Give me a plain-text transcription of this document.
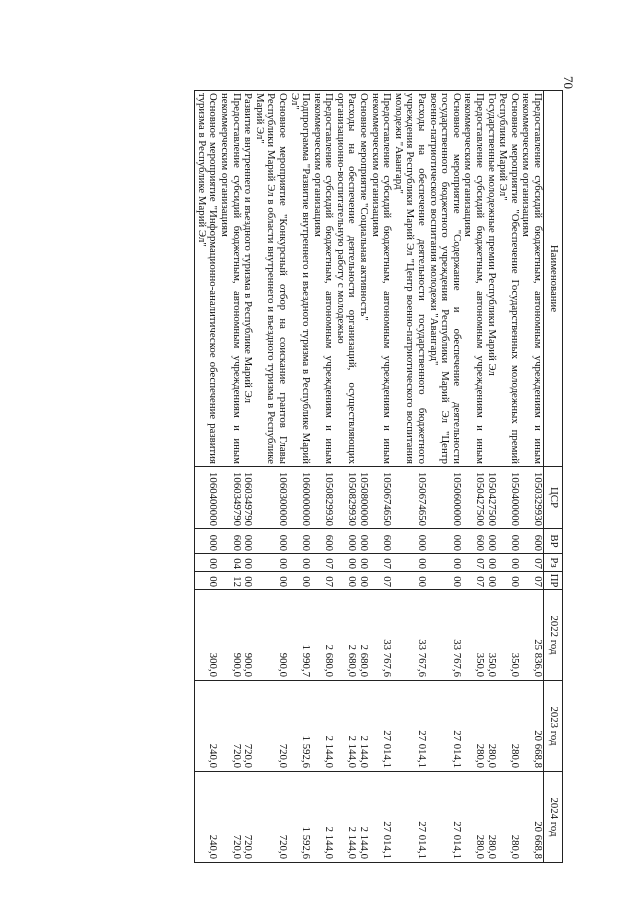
70
Наименование	ЦСР	ВР	Рз	ПР	2022 год	2023 год	2024 год
Предоставление субсидий бюджетным, автономным учреждениям и иным некоммерческим организациям	1050329930	600	07	07	25 836,0	20 668,8	20 668,8
Основное мероприятие "Обеспечение Государственных молодежных премий Республики Марий Эл"	1050400000	000	00	00	350,0	280,0	280,0
Государственные молодежные премии Республики Марий Эл	1050427500	000	00	00	350,0	280,0	280,0
Предоставление субсидий бюджетным, автономным учреждениям и иным некоммерческим организациям	1050427500	600	07	07	350,0	280,0	280,0
Основное мероприятие "Содержание и обеспечение деятельности государственного бюджетного учреждения Республики Марий Эл "Центр военно-патриотического воспитания молодежи "Авангард"	1050600000	000	00	00	33 767,6	27 014,1	27 014,1
Расходы на обеспечение деятельности государственного бюджетного учреждения Республики Марий Эл "Центр военно-патриотического воспитания молодежи "Авангард"	1050674650	000	00	00	33 767,6	27 014,1	27 014,1
Предоставление субсидий бюджетным, автономным учреждениям и иным некоммерческим организациям	1050674650	600	07	07	33 767,6	27 014,1	27 014,1
Основное мероприятие "Социальная активность"	1050800000	000	00	00	2 680,0	2 144,0	2 144,0
Расходы на обеспечение деятельности организаций, осуществляющих организационно-воспитательную работу с молодежью	1050829930	000	00	00	2 680,0	2 144,0	2 144,0
Предоставление субсидий бюджетным, автономным учреждениям и иным некоммерческим организациям	1050829930	600	07	07	2 680,0	2 144,0	2 144,0
Подпрограмма "Развитие внутреннего и въездного туризма в Республике Марий Эл"	1060000000	000	00	00	1 990,7	1 592,6	1 592,6
Основное мероприятие "Конкурсный отбор на соискание грантов Главы Республики Марий Эл в области внутреннего и въездного туризма в Республике Марий Эл"	1060300000	000	00	00	900,0	720,0	720,0
Развитие внутреннего и въездного туризма в Республике Марий Эл	1060349790	000	00	00	900,0	720,0	720,0
Предоставление субсидий бюджетным, автономным учреждениям и иным некоммерческим организациям	1060349790	600	04	12	900,0	720,0	720,0
Основное мероприятие "Информационно-аналитическое обеспечение развития туризма в Республике Марий Эл"	1060400000	000	00	00	300,0	240,0	240,0
